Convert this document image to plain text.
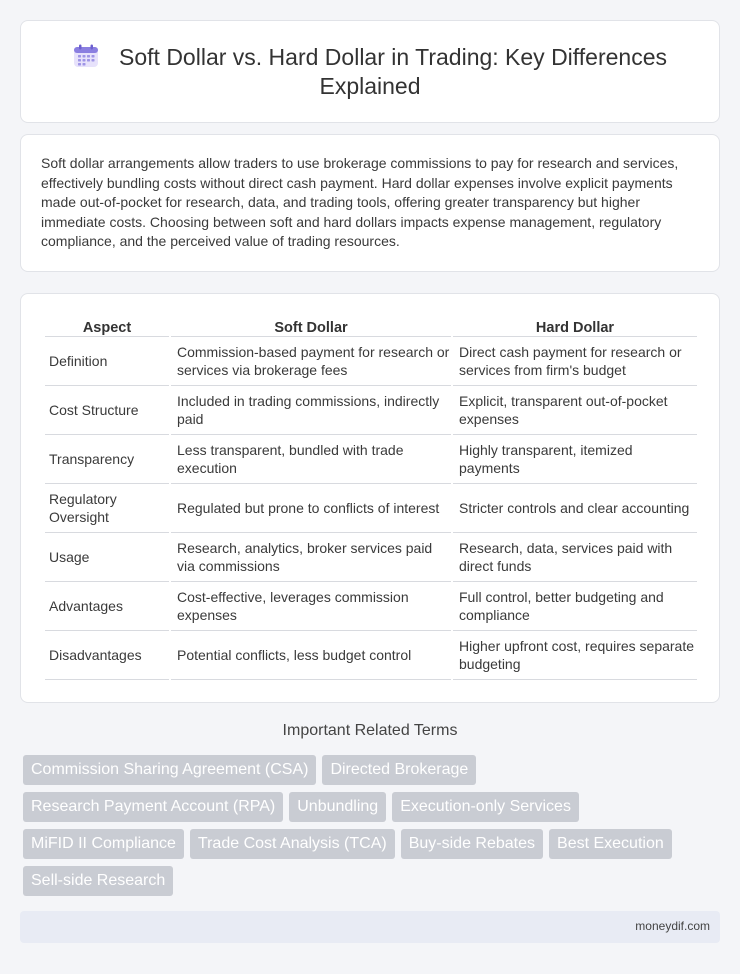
Soft Dollar vs. Hard Dollar in Trading: Key Differences Explained

Soft dollar arrangements allow traders to use brokerage commissions to pay for research and services, effectively bundling costs without direct cash payment. Hard dollar expenses involve explicit payments made out-of-pocket for research, data, and trading tools, offering greater transparency but higher immediate costs. Choosing between soft and hard dollars impacts expense management, regulatory compliance, and the perceived value of trading resources.

Aspect	Soft Dollar	Hard Dollar
Definition	Commission-based payment for research or services via brokerage fees	Direct cash payment for research or services from firm's budget
Cost Structure	Included in trading commissions, indirectly paid	Explicit, transparent out-of-pocket expenses
Transparency	Less transparent, bundled with trade execution	Highly transparent, itemized payments
Regulatory Oversight	Regulated but prone to conflicts of interest	Stricter controls and clear accounting
Usage	Research, analytics, broker services paid via commissions	Research, data, services paid with direct funds
Advantages	Cost-effective, leverages commission expenses	Full control, better budgeting and compliance
Disadvantages	Potential conflicts, less budget control	Higher upfront cost, requires separate budgeting
Important Related Terms
Commission Sharing Agreement (CSA)	Directed Brokerage
Research Payment Account (RPA)	Unbundling	Execution-only Services
MiFID II Compliance	Trade Cost Analysis (TCA)	Buy-side Rebates	Best Execution
Sell-side Research
moneydif.com
